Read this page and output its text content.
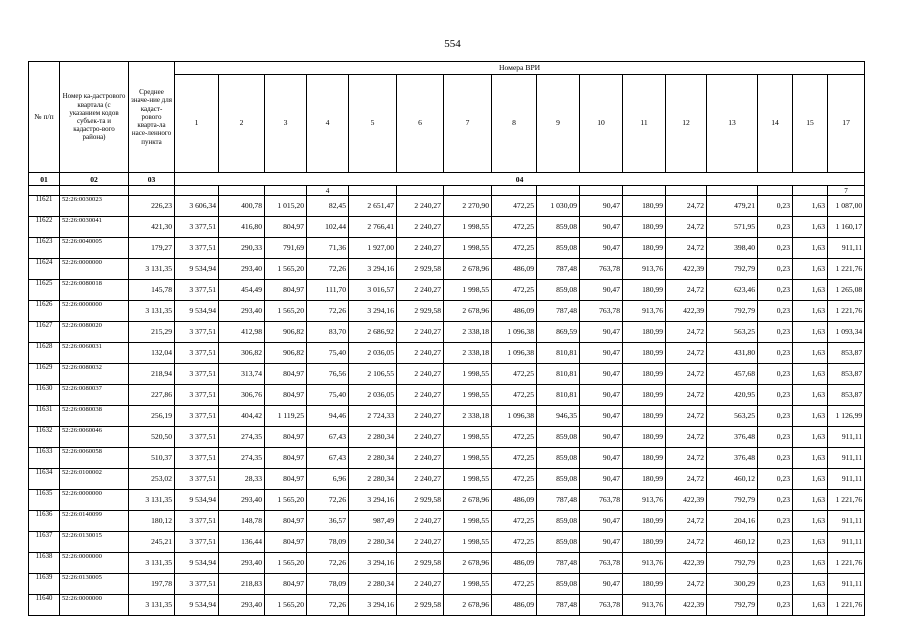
554
№ п/п	Номер ка-дастрового квартала (с указанием кодов субъек-та и кадастро-вого района)	Среднее значе-ние для кадаст-рового кварта-ла насе-ленного пункта	Номера ВРИ															
			1	2	3	4	5	6	7	8	9	10	11	12	13	14	15	17
01	02	03	04															
						4												7
11621	52:26:0030023	226,23	3 606,34	400,78	1 015,20	82,45	2 651,47	2 240,27	2 270,90	472,25	1 030,09	90,47	180,99	24,72	479,21	0,23	1,63	1 087,00
11622	52:26:0030041	421,30	3 377,51	416,80	804,97	102,44	2 766,41	2 240,27	1 998,55	472,25	859,08	90,47	180,99	24,72	571,95	0,23	1,63	1 160,17
11623	52:26:0040005	179,27	3 377,51	290,33	791,69	71,36	1 927,00	2 240,27	1 998,55	472,25	859,08	90,47	180,99	24,72	398,40	0,23	1,63	911,11
11624	52:26:0000000	3 131,35	9 534,94	293,40	1 565,20	72,26	3 294,16	2 929,58	2 678,96	486,09	787,48	763,78	913,76	422,39	792,79	0,23	1,63	1 221,76
11625	52:26:0080018	145,78	3 377,51	454,49	804,97	111,70	3 016,57	2 240,27	1 998,55	472,25	859,08	90,47	180,99	24,72	623,46	0,23	1,63	1 265,08
11626	52:26:0000000	3 131,35	9 534,94	293,40	1 565,20	72,26	3 294,16	2 929,58	2 678,96	486,09	787,48	763,78	913,76	422,39	792,79	0,23	1,63	1 221,76
11627	52:26:0080020	215,29	3 377,51	412,98	906,82	83,70	2 686,92	2 240,27	2 338,18	1 096,38	869,59	90,47	180,99	24,72	563,25	0,23	1,63	1 093,34
11628	52:26:0060031	132,04	3 377,51	306,82	906,82	75,40	2 036,05	2 240,27	2 338,18	1 096,38	810,81	90,47	180,99	24,72	431,80	0,23	1,63	853,87
11629	52:26:0080032	218,94	3 377,51	313,74	804,97	76,56	2 106,55	2 240,27	1 998,55	472,25	810,81	90,47	180,99	24,72	457,68	0,23	1,63	853,87
11630	52:26:0080037	227,86	3 377,51	306,76	804,97	75,40	2 036,05	2 240,27	1 998,55	472,25	810,81	90,47	180,99	24,72	420,95	0,23	1,63	853,87
11631	52:26:0080038	256,19	3 377,51	404,42	1 119,25	94,46	2 724,33	2 240,27	2 338,18	1 096,38	946,35	90,47	180,99	24,72	563,25	0,23	1,63	1 126,99
11632	52:26:0060046	520,50	3 377,51	274,35	804,97	67,43	2 280,34	2 240,27	1 998,55	472,25	859,08	90,47	180,99	24,72	376,48	0,23	1,63	911,11
11633	52:26:0060058	510,37	3 377,51	274,35	804,97	67,43	2 280,34	2 240,27	1 998,55	472,25	859,08	90,47	180,99	24,72	376,48	0,23	1,63	911,11
11634	52:26:0100002	253,02	3 377,51	28,33	804,97	6,96	2 280,34	2 240,27	1 998,55	472,25	859,08	90,47	180,99	24,72	460,12	0,23	1,63	911,11
11635	52:26:0000000	3 131,35	9 534,94	293,40	1 565,20	72,26	3 294,16	2 929,58	2 678,96	486,09	787,48	763,78	913,76	422,39	792,79	0,23	1,63	1 221,76
11636	52:26:0140099	180,12	3 377,51	148,78	804,97	36,57	987,49	2 240,27	1 998,55	472,25	859,08	90,47	180,99	24,72	204,16	0,23	1,63	911,11
11637	52:26:0130015	245,21	3 377,51	136,44	804,97	78,09	2 280,34	2 240,27	1 998,55	472,25	859,08	90,47	180,99	24,72	460,12	0,23	1,63	911,11
11638	52:26:0000000	3 131,35	9 534,94	293,40	1 565,20	72,26	3 294,16	2 929,58	2 678,96	486,09	787,48	763,78	913,76	422,39	792,79	0,23	1,63	1 221,76
11639	52:26:0130005	197,78	3 377,51	218,83	804,97	78,09	2 280,34	2 240,27	1 998,55	472,25	859,08	90,47	180,99	24,72	300,29	0,23	1,63	911,11
11640	52:26:0000000	3 131,35	9 534,94	293,40	1 565,20	72,26	3 294,16	2 929,58	2 678,96	486,09	787,48	763,78	913,76	422,39	792,79	0,23	1,63	1 221,76
